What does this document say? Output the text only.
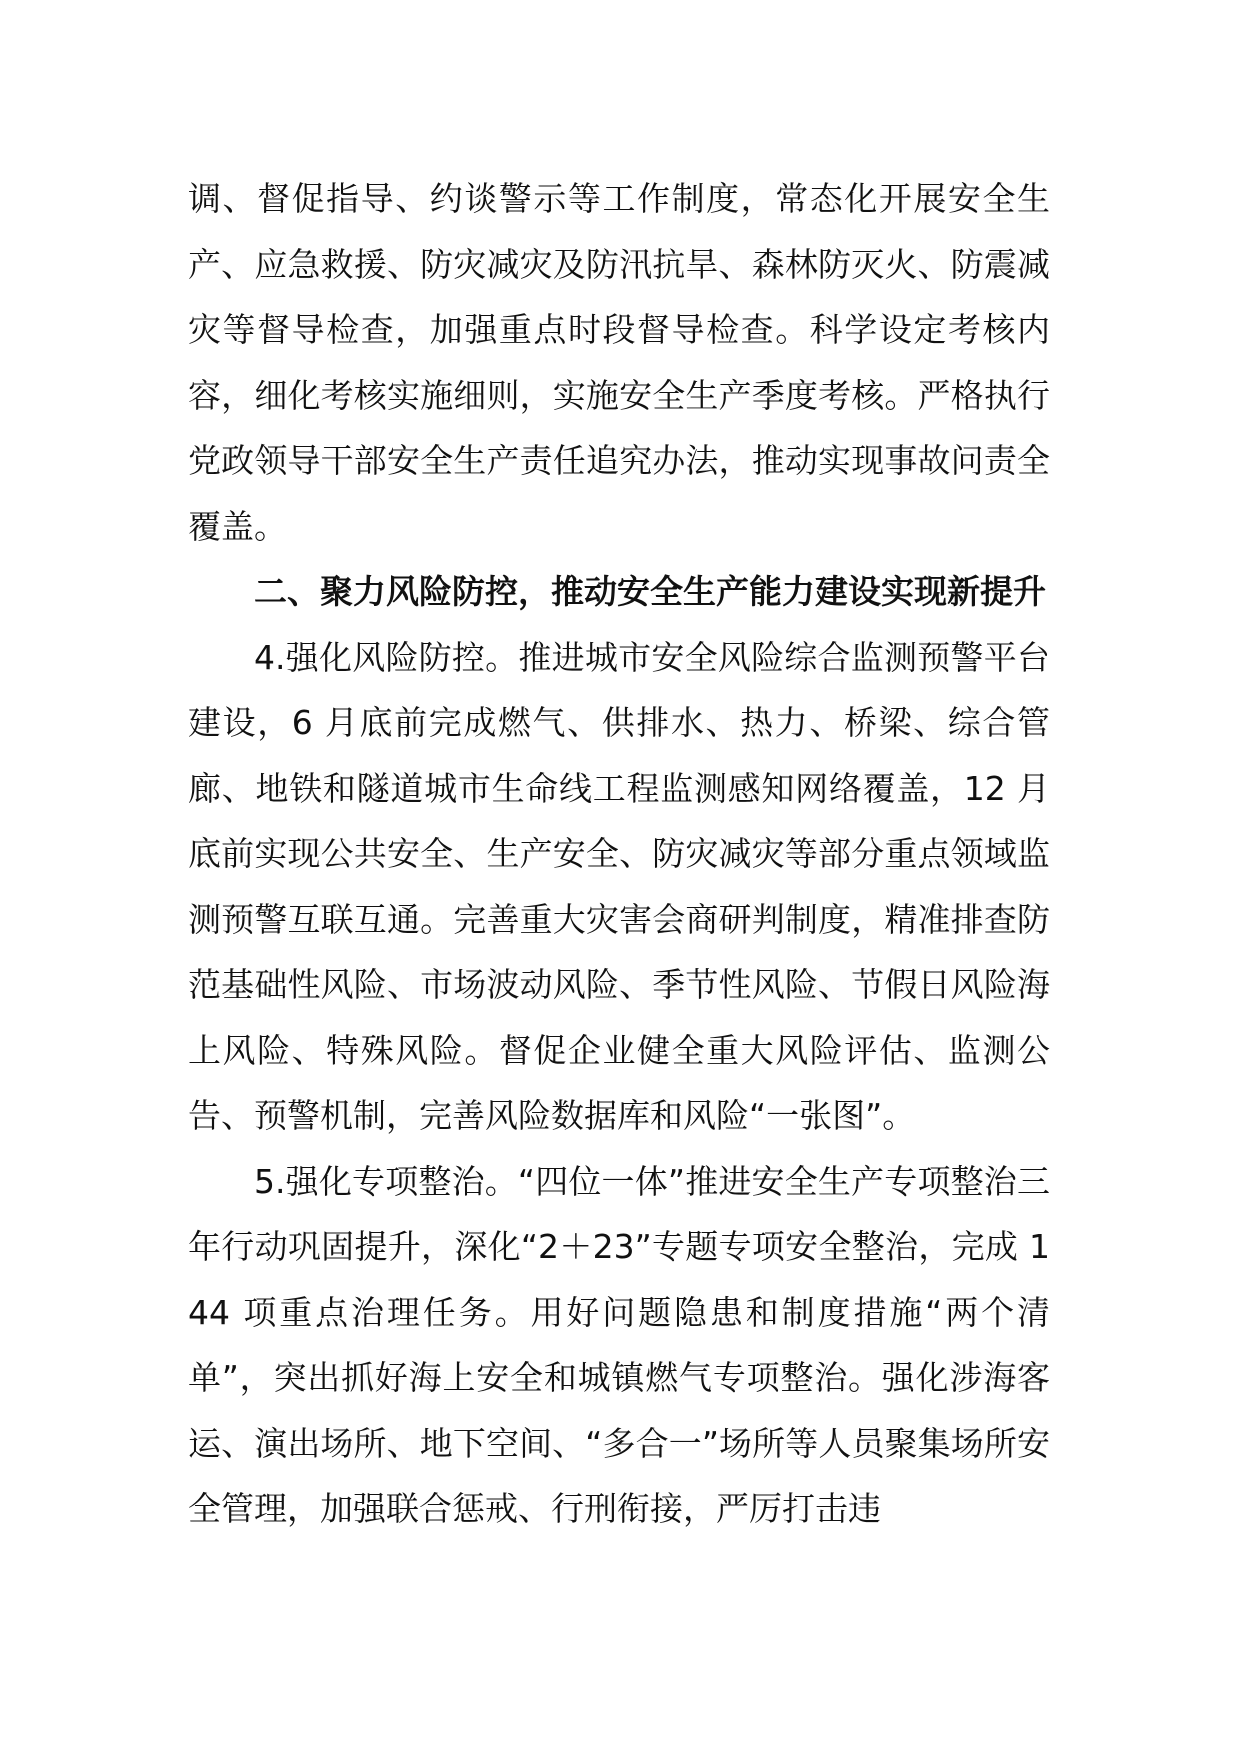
调、督促指导、约谈警示等工作制度，常态化开展安全生产、应急救援、防灾减灾及防汛抗旱、森林防灭火、防震减灾等督导检查，加强重点时段督导检查。科学设定考核内容，细化考核实施细则，实施安全生产季度考核。严格执行党政领导干部安全生产责任追究办法，推动实现事故问责全覆盖。

二、聚力风险防控，推动安全生产能力建设实现新提升

4.强化风险防控。推进城市安全风险综合监测预警平台建设，6 月底前完成燃气、供排水、热力、桥梁、综合管廊、地铁和隧道城市生命线工程监测感知网络覆盖，12 月底前实现公共安全、生产安全、防灾减灾等部分重点领域监测预警互联互通。完善重大灾害会商研判制度，精准排查防范基础性风险、市场波动风险、季节性风险、节假日风险海上风险、特殊风险。督促企业健全重大风险评估、监测公告、预警机制，完善风险数据库和风险“一张图”。

5.强化专项整治。“四位一体”推进安全生产专项整治三年行动巩固提升，深化“2＋23”专题专项安全整治，完成 144 项重点治理任务。用好问题隐患和制度措施“两个清单”，突出抓好海上安全和城镇燃气专项整治。强化涉海客运、演出场所、地下空间、“多合一”场所等人员聚集场所安全管理，加强联合惩戒、行刑衔接，严厉打击违
